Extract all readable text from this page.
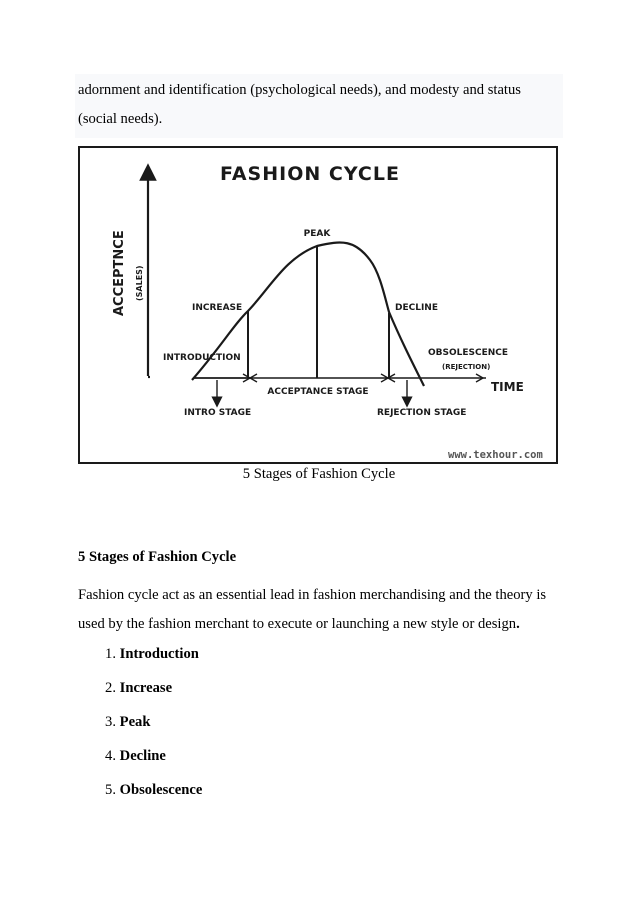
adornment and identification (psychological needs), and modesty and status (social needs).
FASHION CYCLE
PEAK
INCREASE	DECLINE
INTRODUCTION	OBSOLESCENCE
(REJECTION)
TIME
ACCEPTANCE STAGE
INTRO STAGE	REJECTION STAGE
ACCEPTNCE (SALES)
www.texhour.com
5 Stages of Fashion Cycle
5 Stages of Fashion Cycle
Fashion cycle act as an essential lead in fashion merchandising and the theory is used by the fashion merchant to execute or launching a new style or design.
1. Introduction
2. Increase
3. Peak
4. Decline
5. Obsolescence
